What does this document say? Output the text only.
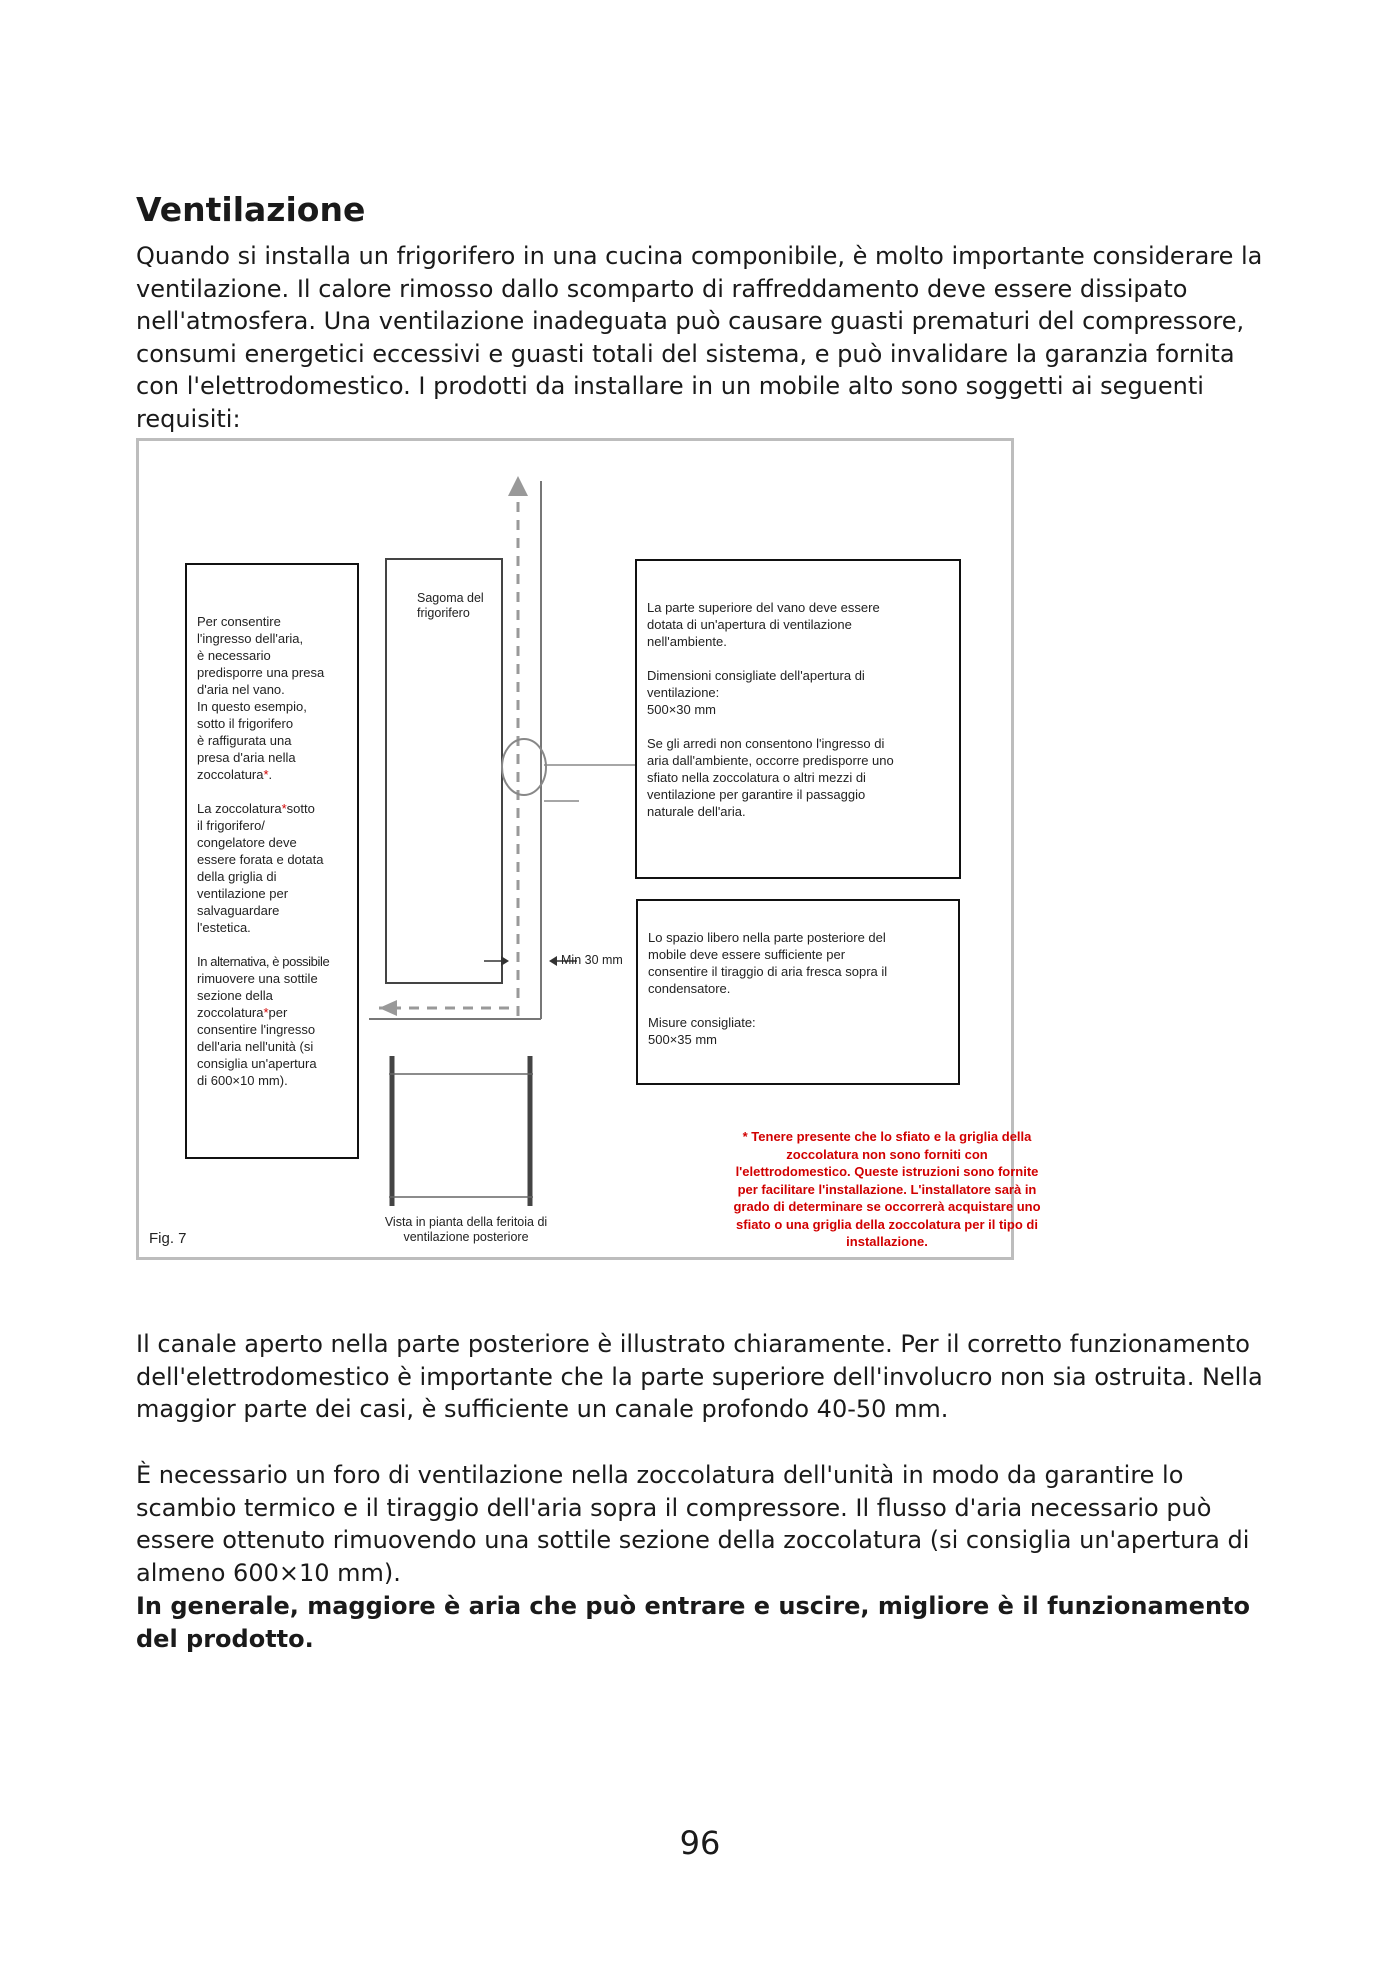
Ventilazione

Quando si installa un frigorifero in una cucina componibile, è molto importante considerare la ventilazione. Il calore rimosso dallo scomparto di raffreddamento deve essere dissipato nell'atmosfera. Una ventilazione inadeguata può causare guasti prematuri del compressore, consumi energetici eccessivi e guasti totali del sistema, e può invalidare la garanzia fornita con l'elettrodomestico. I prodotti da installare in un mobile alto sono soggetti ai seguenti requisiti:

Per consentire

l'ingresso dell'aria,

è necessario

predisporre una presa

d'aria nel vano.

In questo esempio,

sotto il frigorifero

è raffigurata una

presa d'aria nella

zoccolatura*.

La zoccolatura*sotto

il frigorifero/

congelatore deve

essere forata e dotata

della griglia di

ventilazione per

salvaguardare

l'estetica.

In alternativa, è possibile

rimuovere una sottile

sezione della

zoccolatura*per

consentire l'ingresso

dell'aria nell'unità (si

consiglia un'apertura

di 600×10 mm).

Sagoma del
frigorifero
Min 30 mm

La parte superiore del vano deve essere

dotata di un'apertura di ventilazione

nell'ambiente.

Dimensioni consigliate dell'apertura di

ventilazione:

500×30 mm

Se gli arredi non consentono l'ingresso di

aria dall'ambiente, occorre predisporre uno

sfiato nella zoccolatura o altri mezzi di

ventilazione per garantire il passaggio

naturale dell'aria.

Lo spazio libero nella parte posteriore del

mobile deve essere sufficiente per

consentire il tiraggio di aria fresca sopra il

condensatore.

Misure consigliate:

500×35 mm

* Tenere presente che lo sfiato e la griglia della
zoccolatura non sono forniti con
l'elettrodomestico. Queste istruzioni sono fornite
per facilitare l'installazione. L'installatore sarà in
grado di determinare se occorrerà acquistare uno
sfiato o una griglia della zoccolatura per il tipo di
installazione.
Vista in pianta della feritoia di
ventilazione posteriore
Fig. 7

Il canale aperto nella parte posteriore è illustrato chiaramente. Per il corretto funzionamento dell'elettrodomestico è importante che la parte superiore dell'involucro non sia ostruita. Nella maggior parte dei casi, è sufficiente un canale profondo 40-50 mm.

È necessario un foro di ventilazione nella zoccolatura dell'unità in modo da garantire lo scambio termico e il tiraggio dell'aria sopra il compressore. Il flusso d'aria necessario può essere ottenuto rimuovendo una sottile sezione della zoccolatura (si consiglia un'apertura di almeno 600×10 mm).

In generale, maggiore è aria che può entrare e uscire, migliore è il funzionamento del prodotto.

96
